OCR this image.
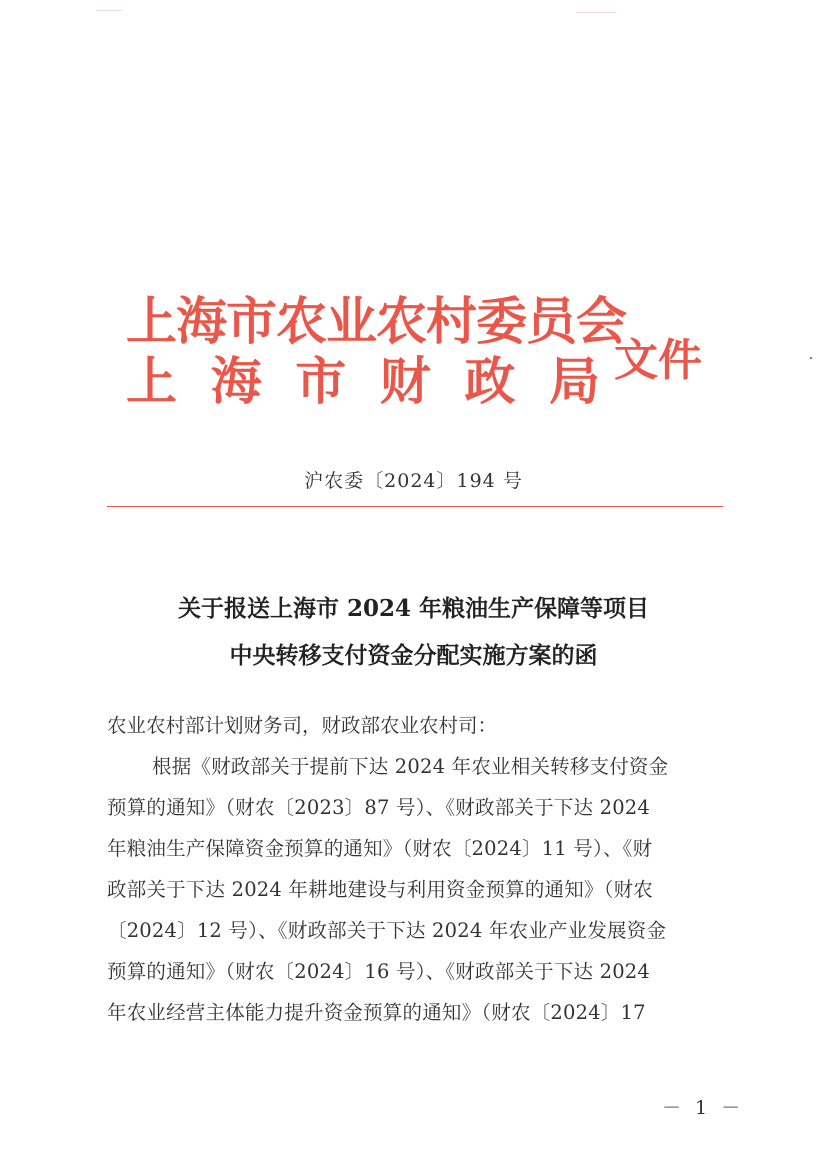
上海市农业农村委员会
上 海 市 财 政 局 文件
沪农委〔2024〕194 号
关于报送上海市 2024 年粮油生产保障等项目
中央转移支付资金分配实施方案的函
农业农村部计划财务司，财政部农业农村司：
根据《财政部关于提前下达 2024 年农业相关转移支付资金
预算的通知》（财农〔2023〕87 号）、《财政部关于下达 2024
年粮油生产保障资金预算的通知》（财农〔2024〕11 号）、《财
政部关于下达 2024 年耕地建设与利用资金预算的通知》（财农
〔2024〕12 号）、《财政部关于下达 2024 年农业产业发展资金
预算的通知》（财农〔2024〕16 号）、《财政部关于下达 2024
年农业经营主体能力提升资金预算的通知》（财农〔2024〕17
－ 1 －
